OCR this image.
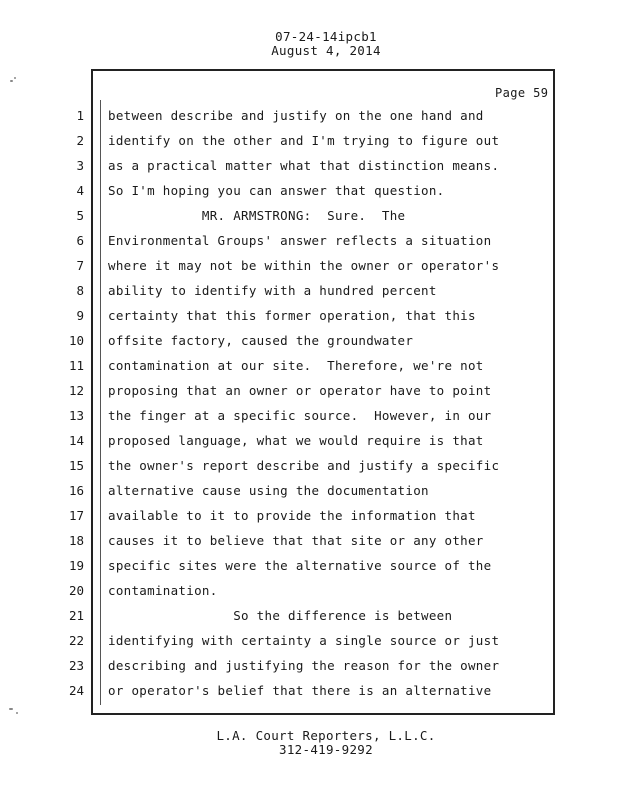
07-24-14ipcb1
August 4, 2014
Page 59
1
2
3
4
5
6
7
8
9
10
11
12
13
14
15
16
17
18
19
20
21
22
23
24
between describe and justify on the one hand and
identify on the other and I'm trying to figure out
as a practical matter what that distinction means.
So I'm hoping you can answer that question.
MR. ARMSTRONG:  Sure.  The
Environmental Groups' answer reflects a situation
where it may not be within the owner or operator's
ability to identify with a hundred percent
certainty that this former operation, that this
offsite factory, caused the groundwater
contamination at our site.  Therefore, we're not
proposing that an owner or operator have to point
the finger at a specific source.  However, in our
proposed language, what we would require is that
the owner's report describe and justify a specific
alternative cause using the documentation
available to it to provide the information that
causes it to believe that that site or any other
specific sites were the alternative source of the
contamination.
So the difference is between
identifying with certainty a single source or just
describing and justifying the reason for the owner
or operator's belief that there is an alternative
L.A. Court Reporters, L.L.C.
312-419-9292
